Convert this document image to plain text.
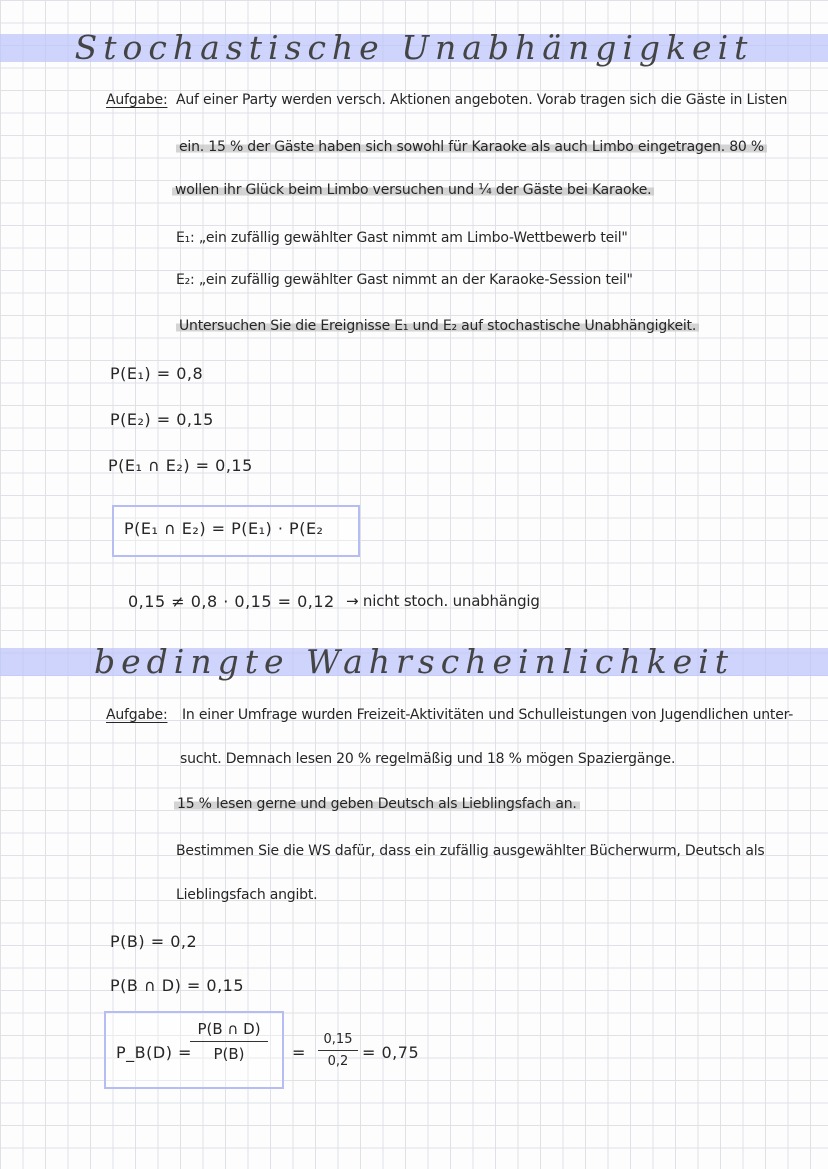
Stochastische Unabhängigkeit
Aufgabe: Auf einer Party werden versch. Aktionen angeboten. Vorab tragen sich die Gäste in Listen
ein. 15 % der Gäste haben sich sowohl für Karaoke als auch Limbo eingetragen. 80 %
wollen ihr Glück beim Limbo versuchen und ¼ der Gäste bei Karaoke.
E₁: „ein zufällig gewählter Gast nimmt am Limbo-Wettbewerb teil"
E₂: „ein zufällig gewählter Gast nimmt an der Karaoke-Session teil"
Untersuchen Sie die Ereignisse E₁ und E₂ auf stochastische Unabhängigkeit.
P(E₁) = 0,8
P(E₂) = 0,15
P(E₁ ∩ E₂) = 0,15
P(E₁ ∩ E₂) = P(E₁) · P(E₂
0,15 ≠ 0,8 · 0,15 = 0,12 → nicht stoch. unabhängig
bedingte Wahrscheinlichkeit
Aufgabe: In einer Umfrage wurden Freizeit-Aktivitäten und Schulleistungen von Jugendlichen unter-
sucht. Demnach lesen 20 % regelmäßig und 18 % mögen Spaziergänge.
15 % lesen gerne und geben Deutsch als Lieblingsfach an.
Bestimmen Sie die WS dafür, dass ein zufällig ausgewählter Bücherwurm, Deutsch als
Lieblingsfach angibt.
P(B) = 0,2
P(B ∩ D) = 0,15
P_B(D) =
$\frac{P(B \cap D)}{P(B)} = \frac{0,15}{0,2} = 0,75$
